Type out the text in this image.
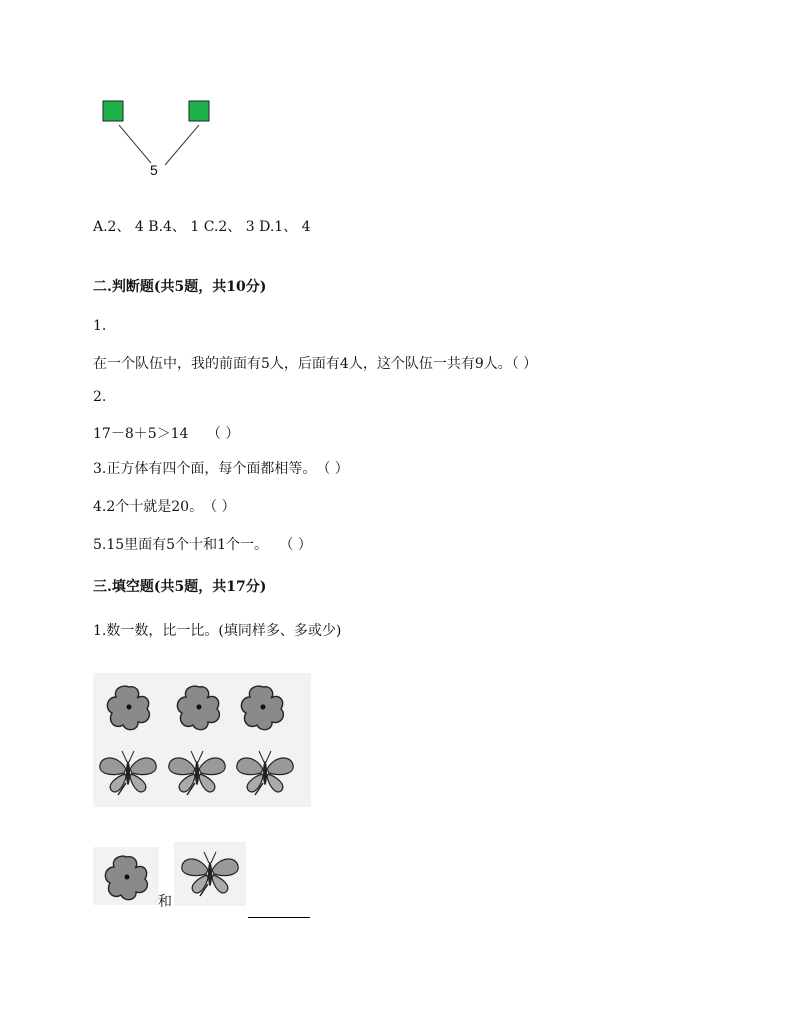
5
A.2、 4 B.4、 1 C.2、 3 D.1、 4
二.判断题(共5题，共10分)
1.
在一个队伍中，我的前面有5人，后面有4人，这个队伍一共有9人。（ ）
2.
17－8＋5＞14　 （ ）
3.正方体有四个面，每个面都相等。　（ ）
4.2个十就是20。　（ ）
5.15里面有5个十和1个一。　 （ ）
三.填空题(共5题，共17分)
1.数一数，比一比。(填同样多、多或少)
和
